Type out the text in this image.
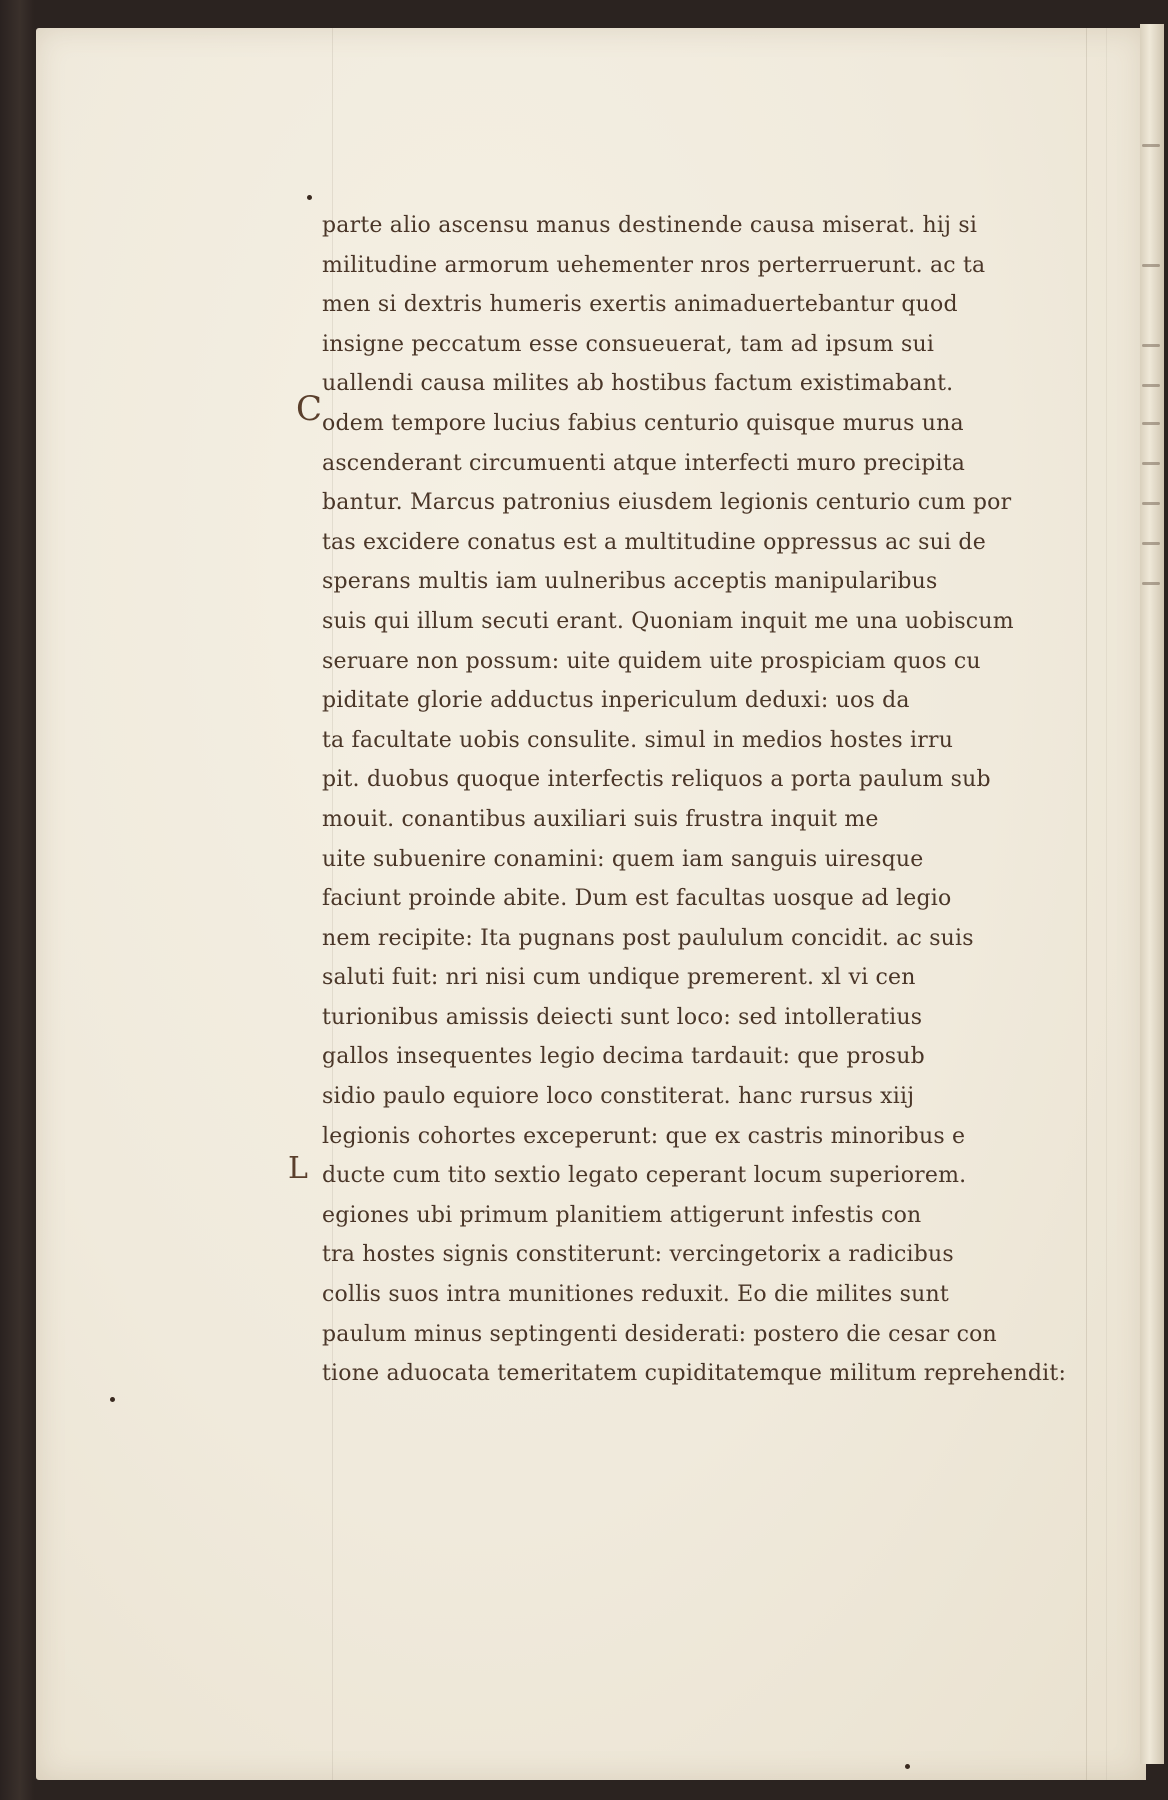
C
L
parte alio ascensu manus destinende causa miserat. hij si
militudine armorum uehementer nros perterruerunt. ac ta
men si dextris humeris exertis animaduertebantur quod
insigne peccatum esse consueuerat, tam ad ipsum sui
uallendi causa milites ab hostibus factum existimabant.
odem tempore lucius fabius centurio quisque murus una
ascenderant circumuenti atque interfecti muro precipita
bantur. Marcus patronius eiusdem legionis centurio cum por
tas excidere conatus est a multitudine oppressus ac sui de
sperans multis iam uulneribus acceptis manipularibus
suis qui illum secuti erant. Quoniam inquit me una uobiscum
seruare non possum: uite quidem uite prospiciam quos cu
piditate glorie adductus inpericulum deduxi: uos da
ta facultate uobis consulite. simul in medios hostes irru
pit. duobus quoque interfectis reliquos a porta paulum sub
mouit. conantibus auxiliari suis frustra inquit me
uite subuenire conamini: quem iam sanguis uiresque
faciunt proinde abite. Dum est facultas uosque ad legio
nem recipite: Ita pugnans post paululum concidit. ac suis
saluti fuit: nri nisi cum undique premerent. xl vi cen
turionibus amissis deiecti sunt loco: sed intolleratius
gallos insequentes legio decima tardauit: que prosub
sidio paulo equiore loco constiterat. hanc rursus xiij
legionis cohortes exceperunt: que ex castris minoribus e
ducte cum tito sextio legato ceperant locum superiorem.
egiones ubi primum planitiem attigerunt infestis con
tra hostes signis constiterunt: vercingetorix a radicibus
collis suos intra munitiones reduxit. Eo die milites sunt
paulum minus septingenti desiderati: postero die cesar con
tione aduocata temeritatem cupiditatemque militum reprehendit:
